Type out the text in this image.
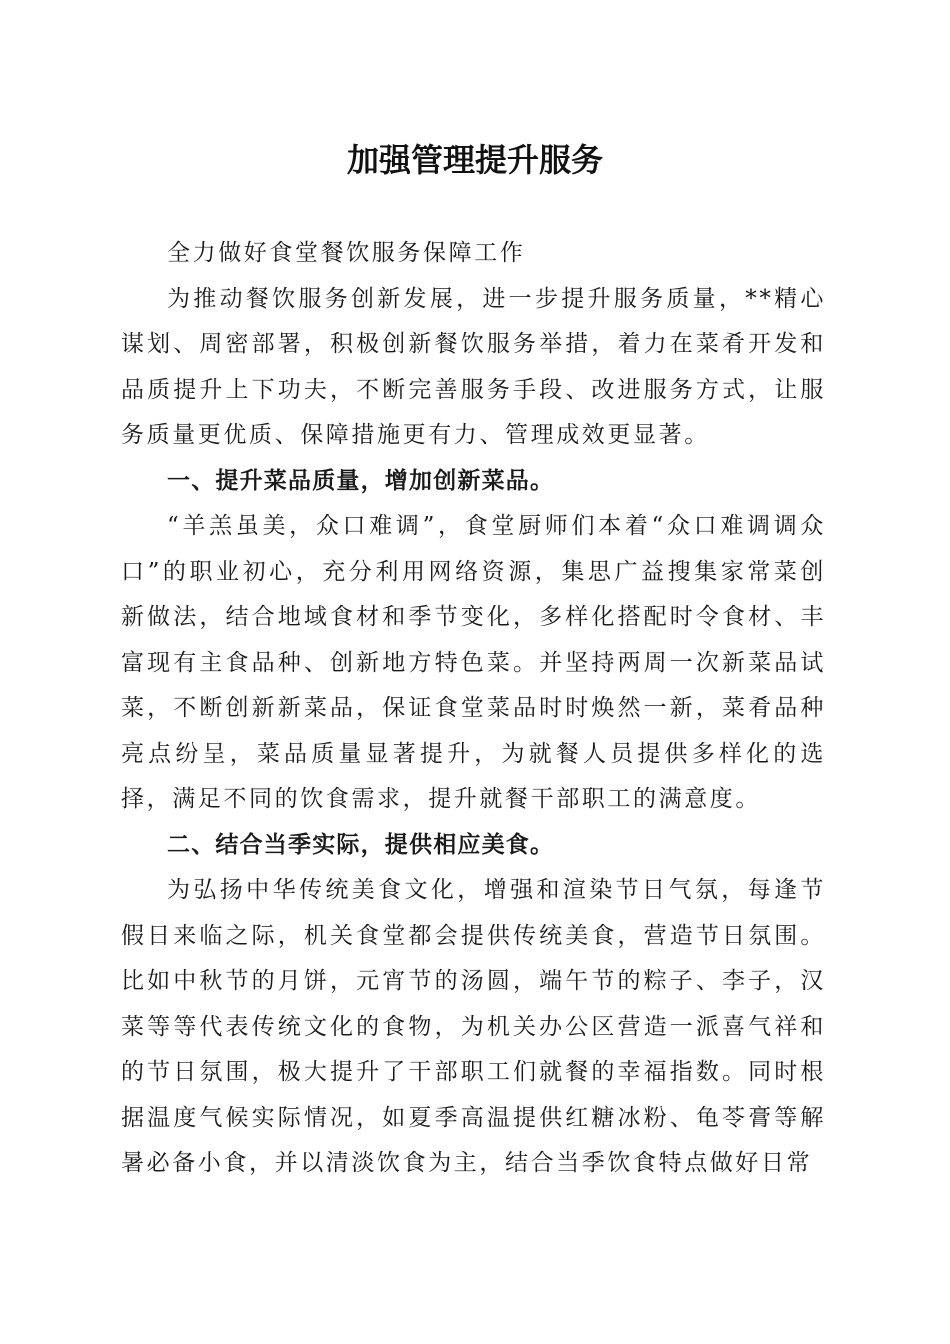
加强管理提升服务

全力做好食堂餐饮服务保障工作

为推动餐饮服务创新发展，进一步提升服务质量，**精心谋划、周密部署，积极创新餐饮服务举措，着力在菜肴开发和品质提升上下功夫，不断完善服务手段、改进服务方式，让服务质量更优质、保障措施更有力、管理成效更显著。

一、提升菜品质量，增加创新菜品。

“羊羔虽美，众口难调”，食堂厨师们本着“众口难调调众口”的职业初心，充分利用网络资源，集思广益搜集家常菜创新做法，结合地域食材和季节变化，多样化搭配时令食材、丰富现有主食品种、创新地方特色菜。并坚持两周一次新菜品试菜，不断创新新菜品，保证食堂菜品时时焕然一新，菜肴品种亮点纷呈，菜品质量显著提升，为就餐人员提供多样化的选择，满足不同的饮食需求，提升就餐干部职工的满意度。

二、结合当季实际，提供相应美食。

为弘扬中华传统美食文化，增强和渲染节日气氛，每逢节假日来临之际，机关食堂都会提供传统美食，营造节日氛围。比如中秋节的月饼，元宵节的汤圆，端午节的粽子、李子，汉菜等等代表传统文化的食物，为机关办公区营造一派喜气祥和的节日氛围，极大提升了干部职工们就餐的幸福指数。同时根据温度气候实际情况，如夏季高温提供红糖冰粉、龟苓膏等解暑必备小食，并以清淡饮食为主，结合当季饮食特点做好日常
